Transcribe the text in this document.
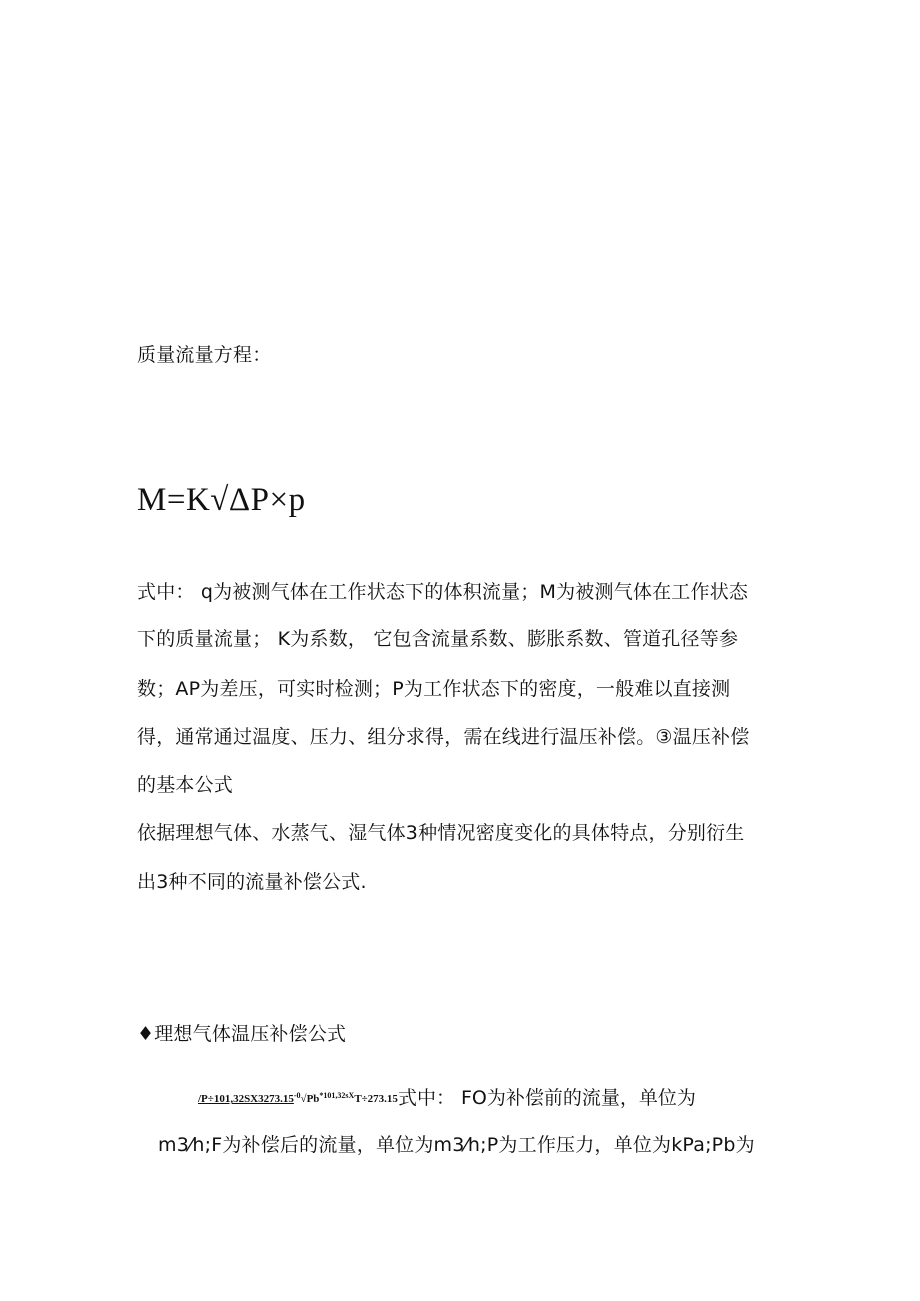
质量流量方程：
M=K√ΔP×p
式中： q为被测气体在工作状态下的体积流量；M为被测气体在工作状态
下的质量流量； K为系数， 它包含流量系数、膨胀系数、管道孔径等参
数；AP为差压，可实时检测；P为工作状态下的密度，一般难以直接测
得，通常通过温度、压力、组分求得，需在线进行温压补偿。③温压补偿
的基本公式
依据理想气体、水蒸气、湿气体3种情况密度变化的具体特点，分别衍生
出3种不同的流量补偿公式.
♦理想气体温压补偿公式
$/P\div 101,32SX3273.15^{-0}√Pb^{*101,32sX}T\div 273.15$式中： FO为补偿前的流量，单位为
m3⁄h;F为补偿后的流量，单位为m3⁄h;P为工作压力，单位为kPa;Pb为
